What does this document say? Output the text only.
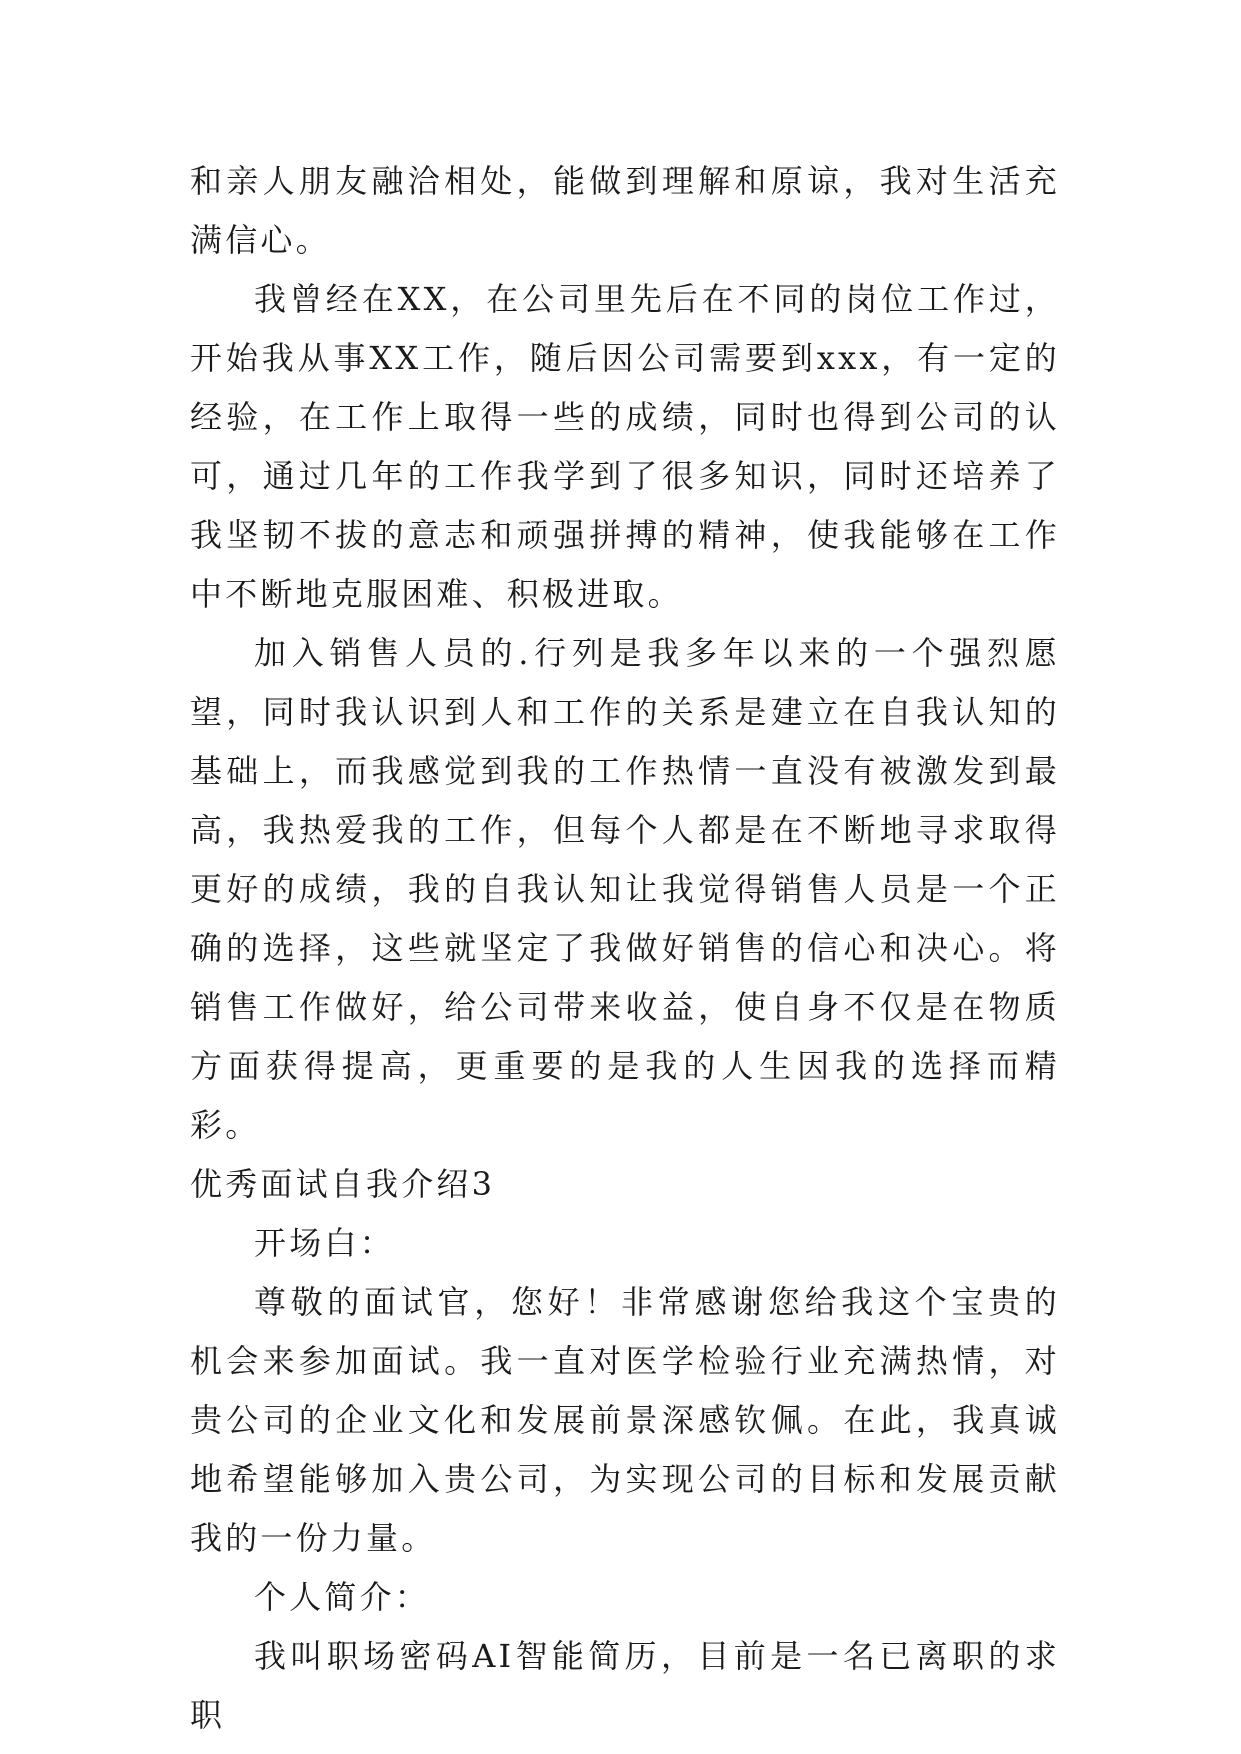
和亲人朋友融洽相处，能做到理解和原谅，我对生活充满信心。

我曾经在XX，在公司里先后在不同的岗位工作过，开始我从事XX工作，随后因公司需要到xxx，有一定的经验，在工作上取得一些的成绩，同时也得到公司的认可，通过几年的工作我学到了很多知识，同时还培养了我坚韧不拔的意志和顽强拼搏的精神，使我能够在工作中不断地克服困难、积极进取。

加入销售人员的.行列是我多年以来的一个强烈愿望，同时我认识到人和工作的关系是建立在自我认知的基础上，而我感觉到我的工作热情一直没有被激发到最高，我热爱我的工作，但每个人都是在不断地寻求取得更好的成绩，我的自我认知让我觉得销售人员是一个正确的选择，这些就坚定了我做好销售的信心和决心。将销售工作做好，给公司带来收益，使自身不仅是在物质方面获得提高，更重要的是我的人生因我的选择而精彩。

优秀面试自我介绍3

开场白：

尊敬的面试官，您好！非常感谢您给我这个宝贵的机会来参加面试。我一直对医学检验行业充满热情，对贵公司的企业文化和发展前景深感钦佩。在此，我真诚地希望能够加入贵公司，为实现公司的目标和发展贡献我的一份力量。

个人简介：

我叫职场密码AI智能简历，目前是一名已离职的求职
